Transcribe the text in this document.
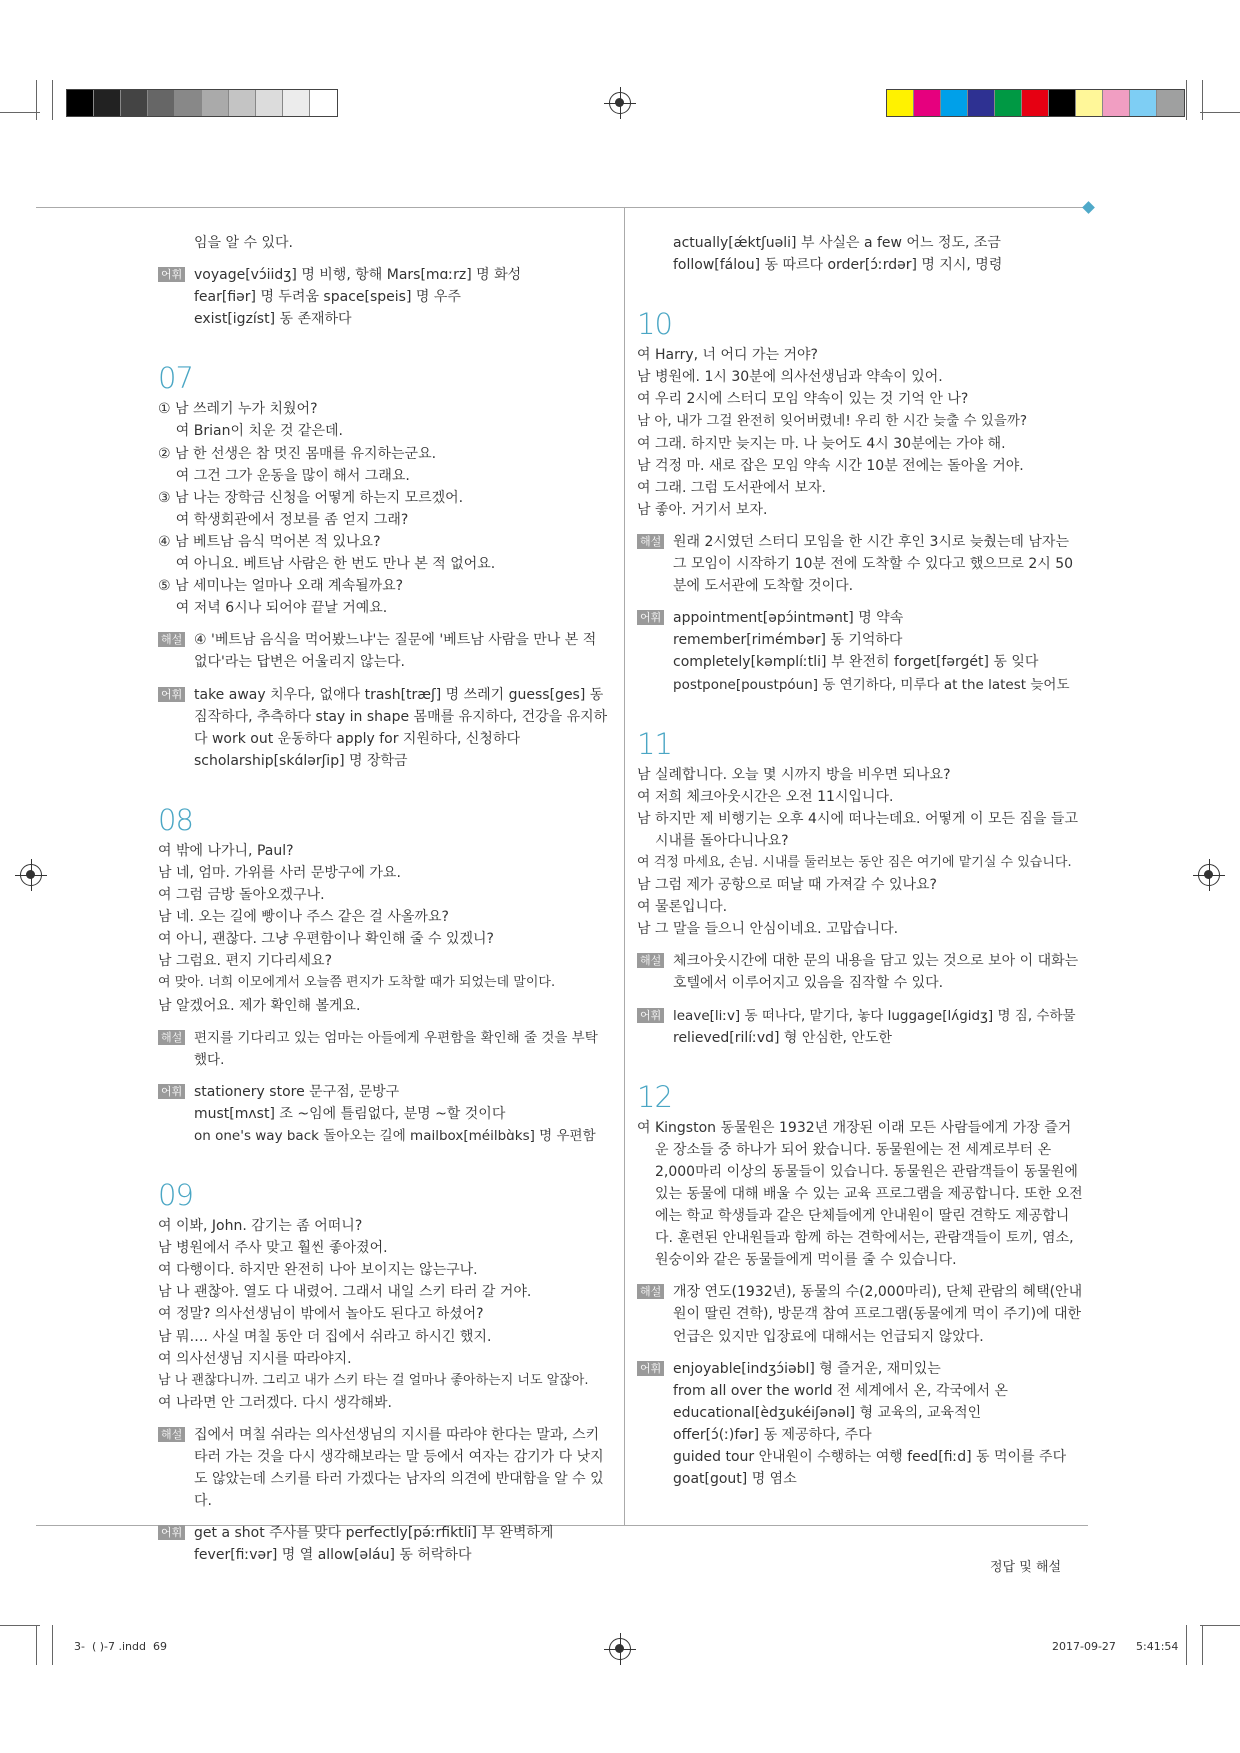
임을 알 수 있다.
어휘 voyage[vɔ́iidʒ] 명 비행, 항해 Mars[mɑːrz] 명 화성
fear[fiər] 명 두려움 space[speis] 명 우주
exist[igzíst] 동 존재하다
07
① 남 쓰레기 누가 치웠어?
여 Brian이 치운 것 같은데.
② 남 한 선생은 참 멋진 몸매를 유지하는군요.
여 그건 그가 운동을 많이 해서 그래요.
③ 남 나는 장학금 신청을 어떻게 하는지 모르겠어.
여 학생회관에서 정보를 좀 얻지 그래?
④ 남 베트남 음식 먹어본 적 있나요?
여 아니요. 베트남 사람은 한 번도 만나 본 적 없어요.
⑤ 남 세미나는 얼마나 오래 계속될까요?
여 저녁 6시나 되어야 끝날 거예요.
해설 ④ '베트남 음식을 먹어봤느냐'는 질문에 '베트남 사람을 만나 본 적 없다'라는 답변은 어울리지 않는다.
어휘 take away 치우다, 없애다 trash[træʃ] 명 쓰레기 guess[ges] 동 짐작하다, 추측하다 stay in shape 몸매를 유지하다, 건강을 유지하다 work out 운동하다 apply for 지원하다, 신청하다 scholarship[skɑ́lərʃip] 명 장학금
08
여 밖에 나가니, Paul?
남 네, 엄마. 가위를 사러 문방구에 가요.
여 그럼 금방 돌아오겠구나.
남 네. 오는 길에 빵이나 주스 같은 걸 사올까요?
여 아니, 괜찮다. 그냥 우편함이나 확인해 줄 수 있겠니?
남 그럼요. 편지 기다리세요?
여 맞아. 너희 이모에게서 오늘쯤 편지가 도착할 때가 되었는데 말이다.
남 알겠어요. 제가 확인해 볼게요.
해설 편지를 기다리고 있는 엄마는 아들에게 우편함을 확인해 줄 것을 부탁했다.
어휘 stationery store 문구점, 문방구
must[mʌst] 조 ~임에 틀림없다, 분명 ~할 것이다
on one's way back 돌아오는 길에 mailbox[méilbɑ̀ks] 명 우편함
09
여 이봐, John. 감기는 좀 어떠니?
남 병원에서 주사 맞고 훨씬 좋아졌어.
여 다행이다. 하지만 완전히 나아 보이지는 않는구나.
남 나 괜찮아. 열도 다 내렸어. 그래서 내일 스키 타러 갈 거야.
여 정말? 의사선생님이 밖에서 놀아도 된다고 하셨어?
남 뭐…. 사실 며칠 동안 더 집에서 쉬라고 하시긴 했지.
여 의사선생님 지시를 따라야지.
남 나 괜찮다니까. 그리고 내가 스키 타는 걸 얼마나 좋아하는지 너도 알잖아.
여 나라면 안 그러겠다. 다시 생각해봐.
해설 집에서 며칠 쉬라는 의사선생님의 지시를 따라야 한다는 말과, 스키 타러 가는 것을 다시 생각해보라는 말 등에서 여자는 감기가 다 낫지도 않았는데 스키를 타러 가겠다는 남자의 의견에 반대함을 알 수 있다.
어휘 get a shot 주사를 맞다 perfectly[pə́ːrfiktli] 부 완벽하게
fever[fiːvər] 명 열 allow[əláu] 동 허락하다
actually[ǽktʃuəli] 부 사실은 a few 어느 정도, 조금
follow[fálou] 동 따르다 order[ɔ́ːrdər] 명 지시, 명령
10
여 Harry, 너 어디 가는 거야?
남 병원에. 1시 30분에 의사선생님과 약속이 있어.
여 우리 2시에 스터디 모임 약속이 있는 것 기억 안 나?
남 아, 내가 그걸 완전히 잊어버렸네! 우리 한 시간 늦출 수 있을까?
여 그래. 하지만 늦지는 마. 나 늦어도 4시 30분에는 가야 해.
남 걱정 마. 새로 잡은 모임 약속 시간 10분 전에는 돌아올 거야.
여 그래. 그럼 도서관에서 보자.
남 좋아. 거기서 보자.
해설 원래 2시였던 스터디 모임을 한 시간 후인 3시로 늦췄는데 남자는 그 모임이 시작하기 10분 전에 도착할 수 있다고 했으므로 2시 50분에 도서관에 도착할 것이다.
어휘 appointment[əpɔ́intmənt] 명 약속
remember[rimémbər] 동 기억하다
completely[kəmplíːtli] 부 완전히 forget[fərgét] 동 잊다
postpone[poustpóun] 동 연기하다, 미루다 at the latest 늦어도
11
남 실례합니다. 오늘 몇 시까지 방을 비우면 되나요?
여 저희 체크아웃시간은 오전 11시입니다.
남 하지만 제 비행기는 오후 4시에 떠나는데요. 어떻게 이 모든 짐을 들고 시내를 돌아다니나요?
여 걱정 마세요, 손님. 시내를 둘러보는 동안 짐은 여기에 맡기실 수 있습니다.
남 그럼 제가 공항으로 떠날 때 가져갈 수 있나요?
여 물론입니다.
남 그 말을 들으니 안심이네요. 고맙습니다.
해설 체크아웃시간에 대한 문의 내용을 담고 있는 것으로 보아 이 대화는 호텔에서 이루어지고 있음을 짐작할 수 있다.
어휘 leave[liːv] 동 떠나다, 맡기다, 놓다 luggage[lʌ́gidʒ] 명 짐, 수하물
relieved[rilíːvd] 형 안심한, 안도한
12
여 Kingston 동물원은 1932년 개장된 이래 모든 사람들에게 가장 즐거운 장소들 중 하나가 되어 왔습니다. 동물원에는 전 세계로부터 온 2,000마리 이상의 동물들이 있습니다. 동물원은 관람객들이 동물원에 있는 동물에 대해 배울 수 있는 교육 프로그램을 제공합니다. 또한 오전에는 학교 학생들과 같은 단체들에게 안내원이 딸린 견학도 제공합니다. 훈련된 안내원들과 함께 하는 견학에서는, 관람객들이 토끼, 염소, 원숭이와 같은 동물들에게 먹이를 줄 수 있습니다.
해설 개장 연도(1932년), 동물의 수(2,000마리), 단체 관람의 혜택(안내원이 딸린 견학), 방문객 참여 프로그램(동물에게 먹이 주기)에 대한 언급은 있지만 입장료에 대해서는 언급되지 않았다.
어휘 enjoyable[indʒɔ́iəbl] 형 즐거운, 재미있는
from all over the world 전 세계에서 온, 각국에서 온
educational[èdʒukéiʃənəl] 형 교육의, 교육적인
offer[ɔ́(ː)fər] 동 제공하다, 주다
guided tour 안내원이 수행하는 여행 feed[fiːd] 동 먹이를 주다
goat[gout] 명 염소
정답 및 해설
3-  ( )-7 .indd  69	2017-09-27 5:41:54
